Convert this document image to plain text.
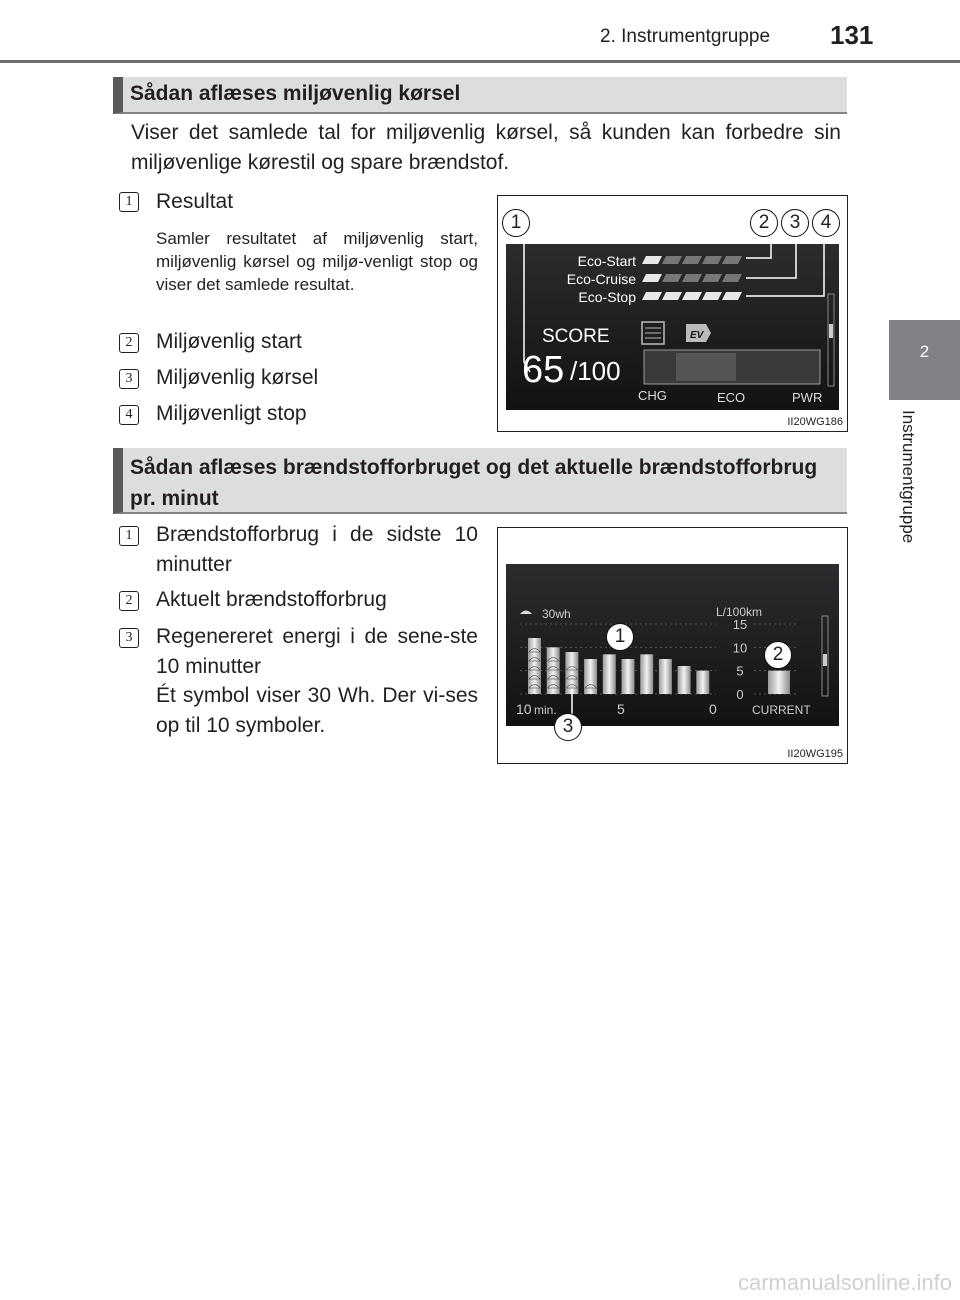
2. Instrumentgruppe 131
2
Instrumentgruppe
Sådan aflæses miljøvenlig kørsel
Viser det samlede tal for miljøvenlig kørsel, så kunden kan forbedre sin miljøvenlige kørestil og spare brændstof.
1	Resultat
Samler resultatet af miljøvenlig start, miljøvenlig kørsel og miljø-venligt stop og viser det samlede resultat.
2	Miljøvenlig start
3	Miljøvenlig kørsel
4	Miljøvenligt stop
Eco-Start
Eco-Cruise
Eco-Stop
SCORE
65 /100
EV
CHG	ECO	PWR
1	2	3	4
II20WG186
Sådan aflæses brændstofforbruget og det aktuelle brændstofforbrug pr. minut
1	Brændstofforbrug i de sidste 10 minutter
2	Aktuelt brændstofforbrug
3	Regenereret energi i de sene-ste 10 minutter
Ét symbol viser 30 Wh. Der vi-ses op til 10 symboler.
30wh	L/100km
15
10
5
0
10 min.	5	0	CURRENT
1
2
3
II20WG195
carmanualsonline.info
